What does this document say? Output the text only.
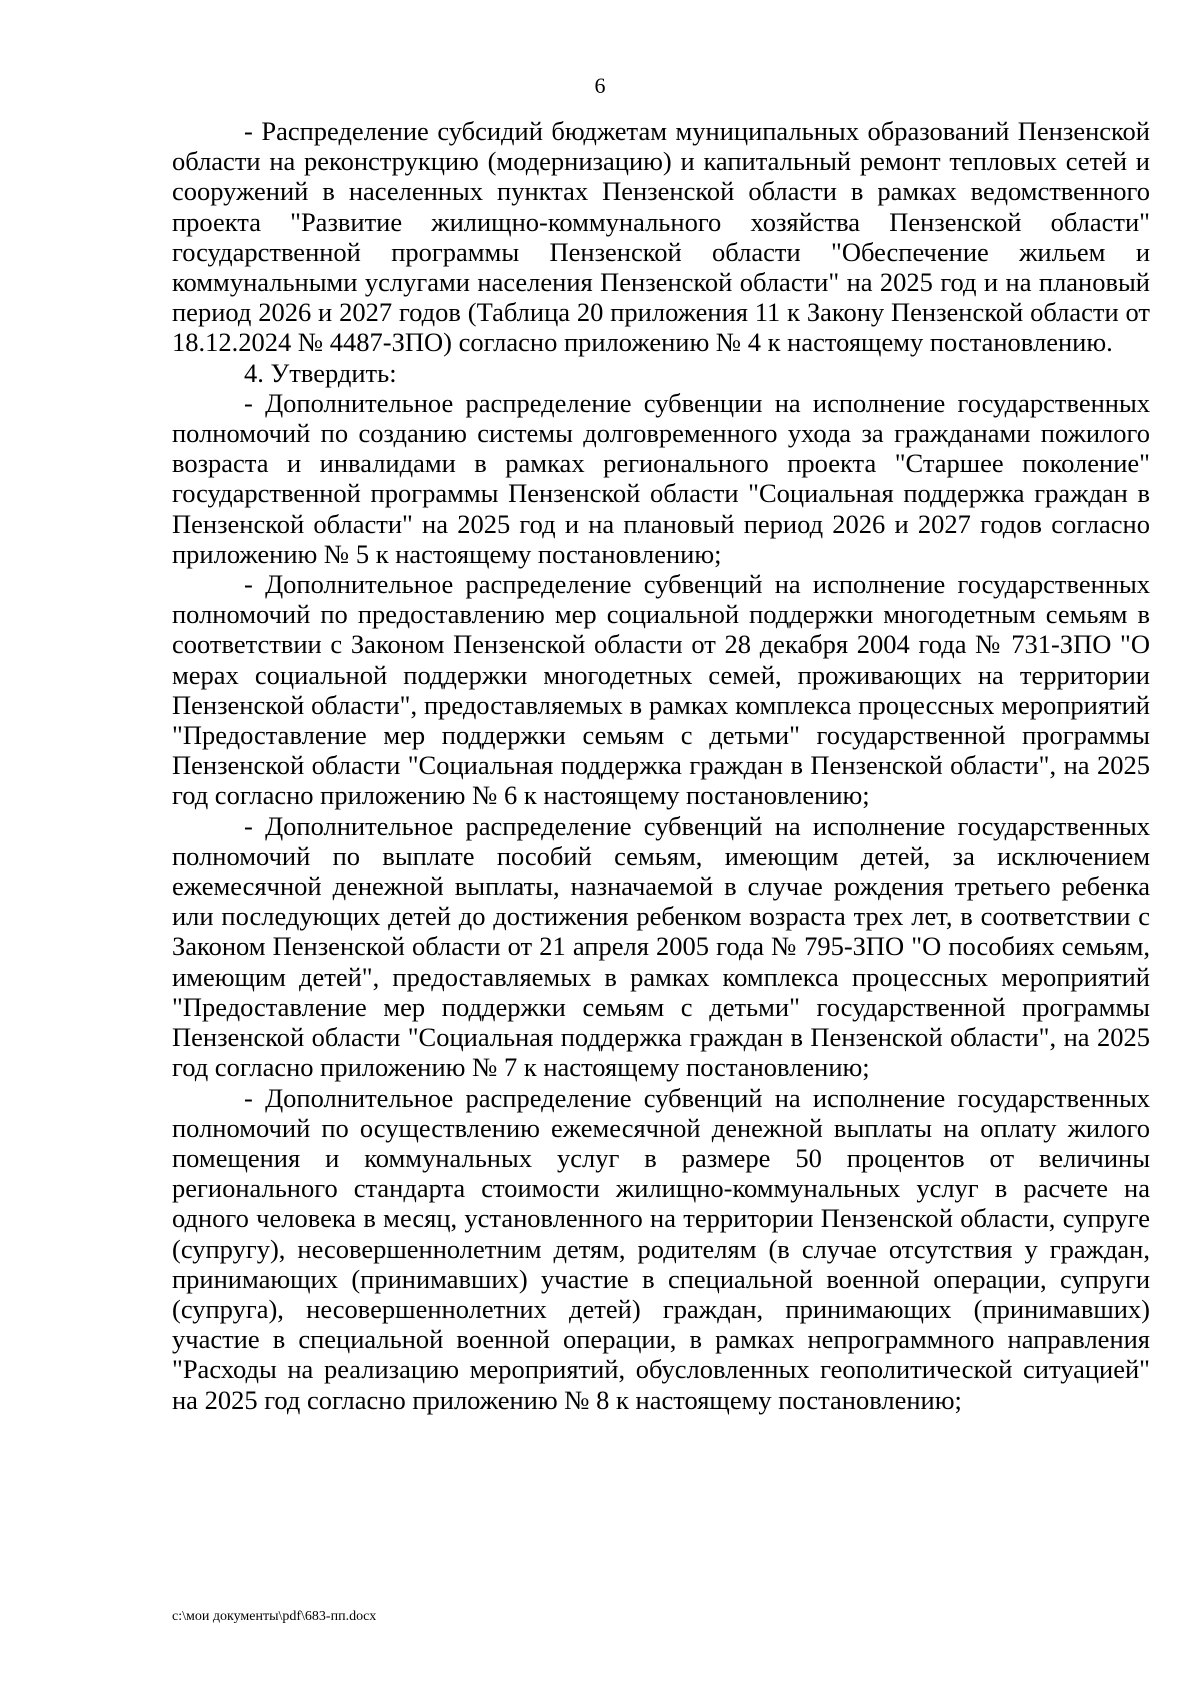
6

- Распределение субсидий бюджетам муниципальных образований Пензенской области на реконструкцию (модернизацию) и капитальный ремонт тепловых сетей и сооружений в населенных пунктах Пензенской области в рамках ведомственного проекта "Развитие жилищно-коммунального хозяйства Пензенской области" государственной программы Пензенской области "Обеспечение жильем и коммунальными услугами населения Пензенской области" на 2025 год и на плановый период 2026 и 2027 годов (Таблица 20 приложения 11 к Закону Пензенской области от 18.12.2024 № 4487-ЗПО) согласно приложению № 4 к настоящему постановлению.

4. Утвердить:

- Дополнительное распределение субвенции на исполнение государственных полномочий по созданию системы долговременного ухода за гражданами пожилого возраста и инвалидами в рамках регионального проекта "Старшее поколение" государственной программы Пензенской области "Социальная поддержка граждан в Пензенской области" на 2025 год и на плановый период 2026 и 2027 годов согласно приложению № 5 к настоящему постановлению;

- Дополнительное распределение субвенций на исполнение государственных полномочий по предоставлению мер социальной поддержки многодетным семьям в соответствии с Законом Пензенской области от 28 декабря 2004 года № 731-ЗПО "О мерах социальной поддержки многодетных семей, проживающих на территории Пензенской области", предоставляемых в рамках комплекса процессных мероприятий "Предоставление мер поддержки семьям с детьми" государственной программы Пензенской области "Социальная поддержка граждан в Пензенской области", на 2025 год согласно приложению № 6 к настоящему постановлению;

- Дополнительное распределение субвенций на исполнение государственных полномочий по выплате пособий семьям, имеющим детей, за исключением ежемесячной денежной выплаты, назначаемой в случае рождения третьего ребенка или последующих детей до достижения ребенком возраста трех лет, в соответствии с Законом Пензенской области от 21 апреля 2005 года № 795-ЗПО "О пособиях семьям, имеющим детей", предоставляемых в рамках комплекса процессных мероприятий "Предоставление мер поддержки семьям с детьми" государственной программы Пензенской области "Социальная поддержка граждан в Пензенской области", на 2025 год согласно приложению № 7 к настоящему постановлению;

- Дополнительное распределение субвенций на исполнение государственных полномочий по осуществлению ежемесячной денежной выплаты на оплату жилого помещения и коммунальных услуг в размере 50 процентов от величины регионального стандарта стоимости жилищно-коммунальных услуг в расчете на одного человека в месяц, установленного на территории Пензенской области, супруге (супругу), несовершеннолетним детям, родителям (в случае отсутствия у граждан, принимающих (принимавших) участие в специальной военной операции, супруги (супруга), несовершеннолетних детей) граждан, принимающих (принимавших) участие в специальной военной операции, в рамках непрограммного направления "Расходы на реализацию мероприятий, обусловленных геополитической ситуацией" на 2025 год согласно приложению № 8 к настоящему постановлению;

c:\мои документы\pdf\683-пп.docx
